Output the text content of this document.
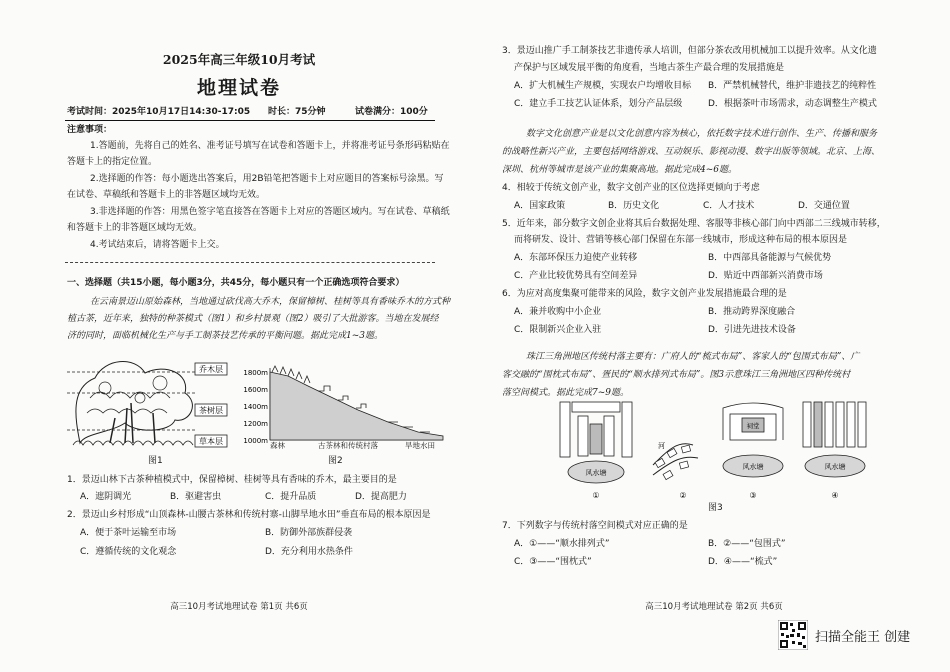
2025年高三年级10月考试
地理试卷
考试时间：2025年10月17日14:30-17:05 时长：75分钟	试卷满分：100分
注意事项：
1.答题前，先将自己的姓名、准考证号填写在试卷和答题卡上，并将准考证号条形码粘贴在
答题卡上的指定位置。
2.选择题的作答：每小题选出答案后，用2B铅笔把答题卡上对应题目的答案标号涂黑。写
在试卷、草稿纸和答题卡上的非答题区域均无效。
3.非选择题的作答：用黑色签字笔直接答在答题卡上对应的答题区域内。写在试卷、草稿纸
和答题卡上的非答题区域均无效。
4.考试结束后，请将答题卡上交。
一、选择题（共15小题，每小题3分，共45分，每小题只有一个正确选项符合要求）
在云南景迈山原始森林，当地通过砍伐高大乔木，保留樟树、桂树等具有香味乔木的方式种
植古茶，近年来，独特的种茶模式（图1）和乡村景观（图2）吸引了大批游客。当地在发展经
济的同时，面临机械化生产与手工制茶技艺传承的平衡问题。据此完成1~3题。
乔木层
茶树层
草本层
图1
1800m
1600m
1400m
1200m
1000m 森林	古茶林和传统村落	旱地水田
图2
1．景迈山林下古茶种植模式中，保留樟树、桂树等具有香味的乔木，最主要目的是
A．遮阴调光	B．驱避害虫	C．提升品质	D．提高肥力
2．景迈山乡村形成“山顶森林-山腰古茶林和传统村寨-山脚旱地水田”垂直布局的根本原因是
A．便于茶叶运输至市场	B．防御外部族群侵袭
C．遵循传统的文化观念	D．充分利用水热条件
高三10月考试地理试卷 第1页 共6页
3．景迈山推广手工制茶技艺非遗传承人培训，但部分茶农改用机械加工以提升效率。从文化遗
产保护与区域发展平衡的角度看，当地古茶生产最合理的发展措施是
A．扩大机械生产规模，实现农户均增收目标 B．严禁机械替代，维护非遗技艺的纯粹性
C．建立手工技艺认证体系，划分产品层级	D．根据茶叶市场需求，动态调整生产模式
数字文化创意产业是以文化创意内容为核心，依托数字技术进行创作、生产、传播和服务
的战略性新兴产业，主要包括网络游戏、互动娱乐、影视动漫、数字出版等领域。北京、上海、
深圳、杭州等城市是该产业的集聚高地。据此完成4~6题。
4．相较于传统文创产业，数字文创产业的区位选择更倾向于考虑
A．国家政策	B．历史文化	C．人才技术	D．交通位置
5．近年来，部分数字文创企业将其后台数据处理、客服等非核心部门向中西部二三线城市转移，
而将研发、设计、营销等核心部门保留在东部一线城市，形成这种布局的根本原因是
A．东部环保压力迫使产业转移	B．中西部具备能源与气候优势
C．产业比较优势具有空间差异	D．贴近中西部新兴消费市场
6．为应对高度集聚可能带来的风险，数字文创产业发展措施最合理的是
A．兼并收购中小企业	B．推动跨界深度融合
C．限制新兴企业入驻	D．引进先进技术设备
珠江三角洲地区传统村落主要有：广府人的“梳式布局”、客家人的“包围式布局”、广
客交融的“围枕式布局”、疍民的“顺水排列式布局”。图3示意珠江三角洲地区四种传统村
落空间模式。据此完成7~9题。
风水塘
①
河
②
祠堂
风水塘
③
风水塘
④
图3
7．下列数字与传统村落空间模式对应正确的是
A．①——“顺水排列式”	B．②——“包围式”
C．③——“围枕式”	D．④——“梳式”
高三10月考试地理试卷 第2页 共6页
扫描全能王 创建
